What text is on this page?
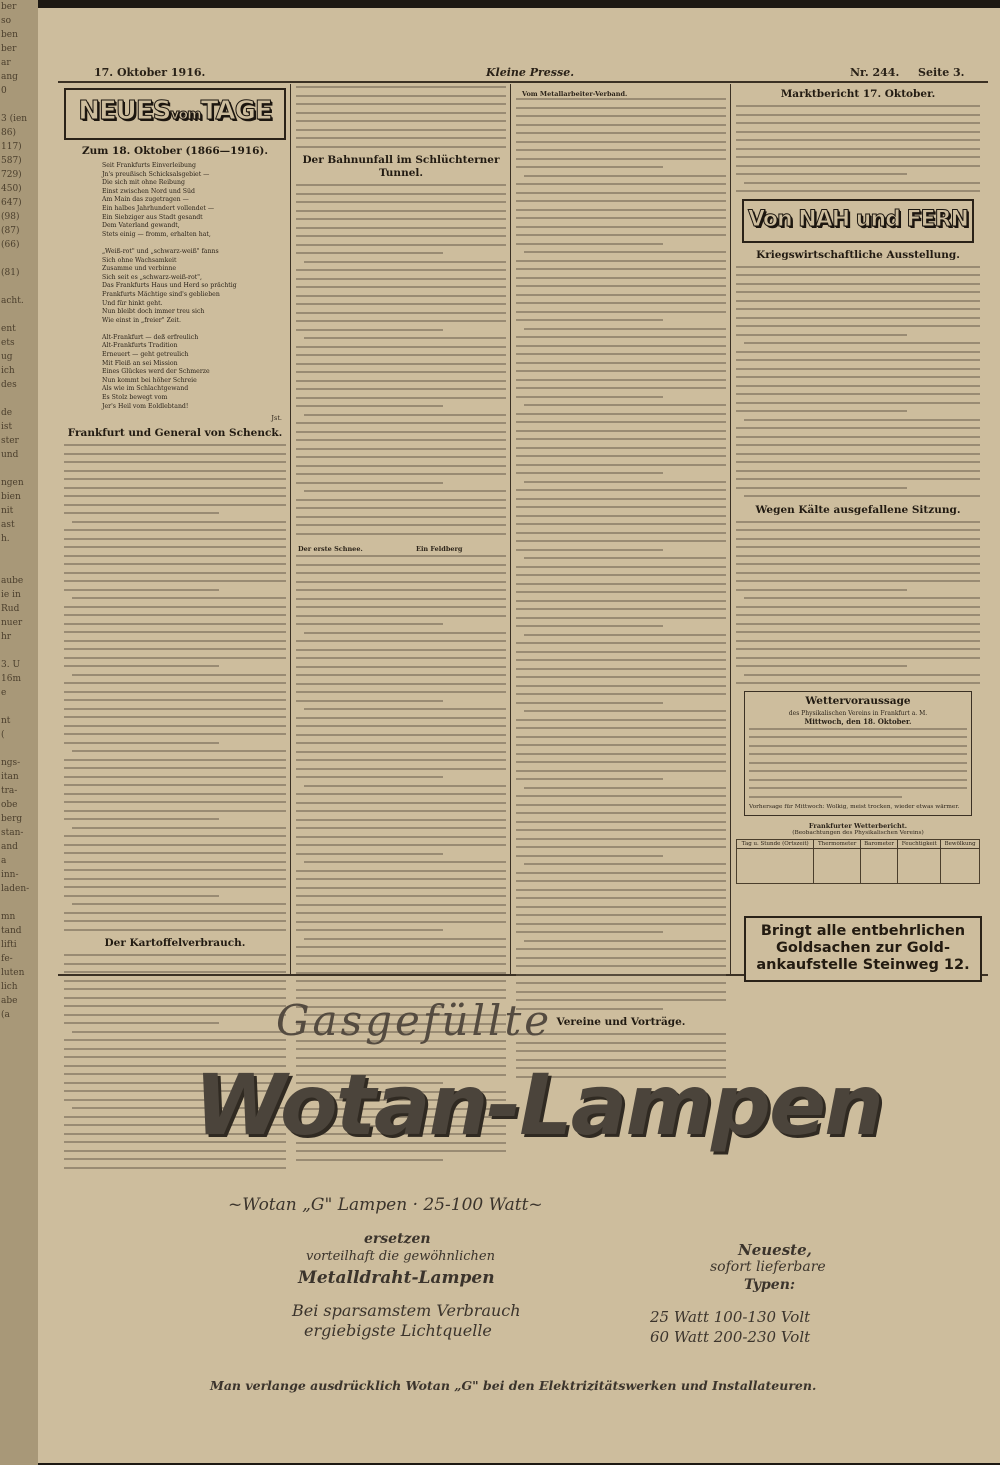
ber
so
ben
ber
ar
ang
0
3 (ien
86)
117)
587)
729)
450)
647)
(98)
(87)
(66)
(81)
acht.
ent
ets
ug
ich
des
de
ist
ster
und
ngen
bien
nit
ast
h.
aube
ie in
Rud
nuer
hr
3. U
16m
e
nt
(
ngs-
itan
tra-
obe
berg
stan-
and
a
inn-
laden-
mn
tand
lifti
fe-
luten
lich
abe
(a
17. Oktober 1916.	Kleine Presse.	Nr. 244. Seite 3.
NEUESvomTAGE
Zum 18. Oktober (1866—1916).
Seit Frankfurts Einverleibung
Jn's preußisch Schicksalsgebiet —
Die sich mit ohne Reibung
Einst zwischen Nord und Süd
Am Main das zugetragen —
Ein halbes Jahrhundert vollendet —
Ein Siebziger aus Stadt gesandt
Dem Vaterland gewandt,
Stets einig — fromm, erhalten hat,

„Weiß-rot" und „schwarz-weiß" fanns
Sich ohne Wachsamkeit
Zusamme und verbinne
Sich seit es „schwarz-weiß-rot",
Das Frankfurts Haus und Herd so prächtig
Frankfurts Mächtige sind's geblieben
Und für hinkt geht.
Nun bleibt doch immer treu sich
Wie einst in „freier" Zeit.

Alt-Frankfurt — deß erfreulich
Alt-Frankfurts Tradition
Erneuert — geht getreulich
Mit Fleiß an sei Mission
Eines Glückes werd der Schmerze
Nun kommt bei höher Schreie
Als wie im Schlachtgewand
Es Stolz bewegt vom
Jer's Heil vom Eoldlebtand!
Jst.
Frankfurt und General von Schenck.
Der Kartoffelverbrauch.
Der Bahnunfall im Schlüchterner Tunnel.
Der erste Schnee.	Ein Feldberg
Vom Metallarbeiter-Verband.
Vereine und Vorträge.
Marktbericht 17. Oktober.
Von NAH und FERN
Kriegswirtschaftliche Ausstellung.
Wegen Kälte ausgefallene Sitzung.
Wettervoraussage
des Physikalischen Vereins in Frankfurt a. M.
Mittwoch, den 18. Oktober.
Vorhersage für Mittwoch: Wolkig, meist trocken, wieder etwas wärmer.
Frankfurter Wetterbericht.
(Beobachtungen des Physikalischen Vereins)
Tag u. Stunde (Ortszeit)	Thermometer	Barometer	Feuchtigkeit	Bewölkung

Bringt alle entbehrlichen
Goldsachen zur Gold-
ankaufstelle Steinweg 12.
Gasgefüllte
Wotan-Lampen
~Wotan „G" Lampen · 25-100 Watt~
ersetzen
vorteilhaft die gewöhnlichen
Metalldraht-Lampen
Bei sparsamstem Verbrauch
ergiebigste Lichtquelle
Neueste,
sofort lieferbare
Typen:
25 Watt 100-130 Volt
60 Watt 200-230 Volt
Man verlange ausdrücklich Wotan „G" bei den Elektrizitätswerken und Installateuren.
